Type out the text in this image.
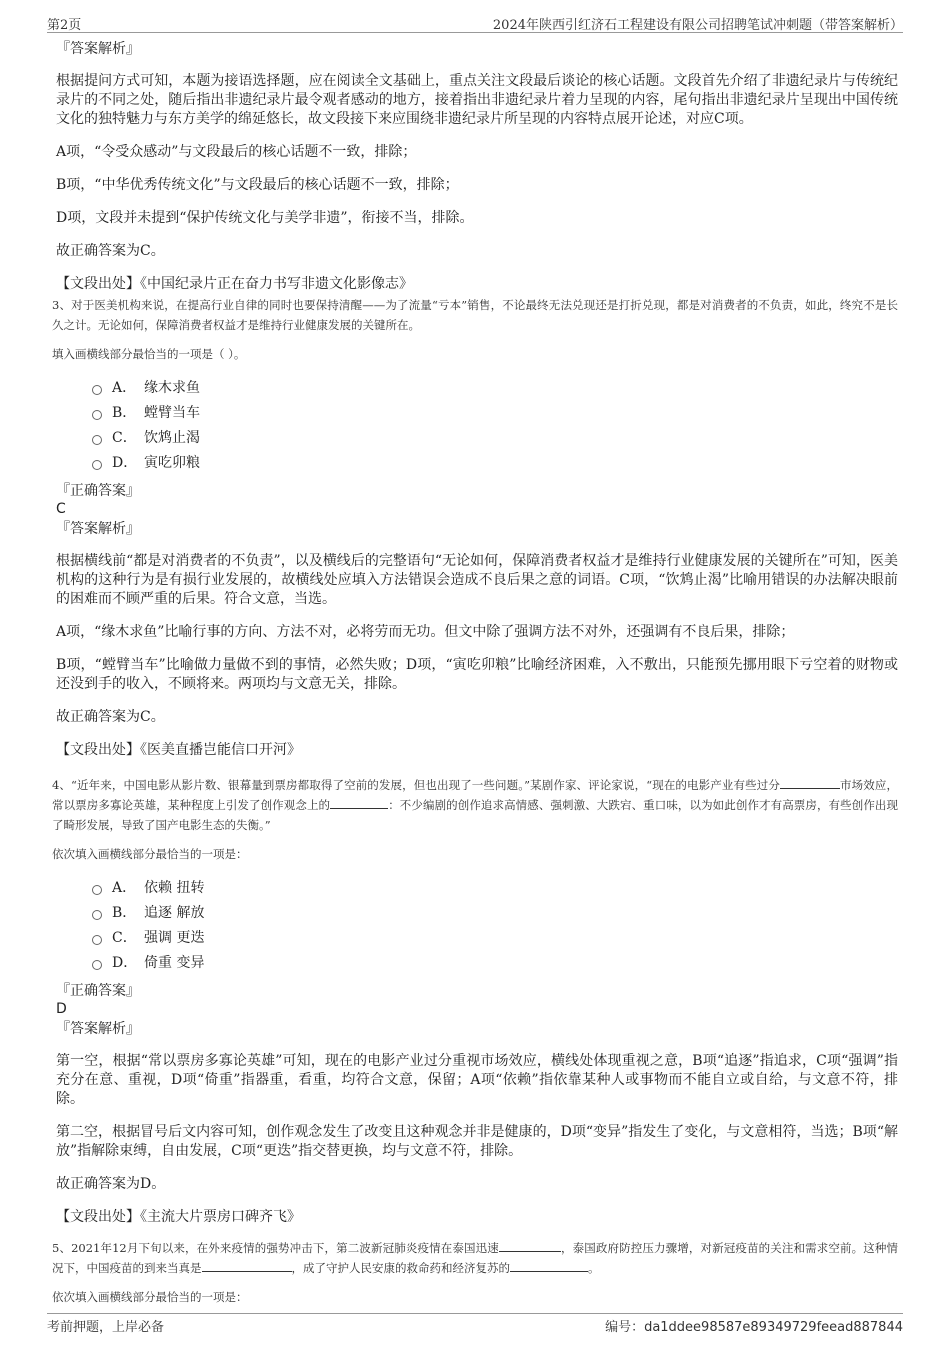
第2页	2024年陕西引红济石工程建设有限公司招聘笔试冲刺题（带答案解析）
『答案解析』
根据提问方式可知，本题为接语选择题，应在阅读全文基础上，重点关注文段最后谈论的核心话题。文段首先介绍了非遗纪录片与传统纪录片的不同之处，随后指出非遗纪录片最令观者感动的地方，接着指出非遗纪录片着力呈现的内容，尾句指出非遗纪录片呈现出中国传统文化的独特魅力与东方美学的绵延悠长，故文段接下来应围绕非遗纪录片所呈现的内容特点展开论述，对应C项。
A项，“令受众感动”与文段最后的核心话题不一致，排除；
B项，“中华优秀传统文化”与文段最后的核心话题不一致，排除；
D项，文段并未提到“保护传统文化与美学非遗”，衔接不当，排除。
故正确答案为C。
【文段出处】《中国纪录片正在奋力书写非遗文化影像志》
3、对于医美机构来说，在提高行业自律的同时也要保持清醒——为了流量“亏本”销售，不论最终无法兑现还是打折兑现，都是对消费者的不负责，如此，终究不是长久之计。无论如何，保障消费者权益才是维持行业健康发展的关键所在。
填入画横线部分最恰当的一项是（ ）。
A． 缘木求鱼
B． 螳臂当车
C． 饮鸩止渴
D． 寅吃卯粮
『正确答案』
C
『答案解析』
根据横线前“都是对消费者的不负责”，以及横线后的完整语句“无论如何，保障消费者权益才是维持行业健康发展的关键所在”可知，医美机构的这种行为是有损行业发展的，故横线处应填入方法错误会造成不良后果之意的词语。C项，“饮鸩止渴”比喻用错误的办法解决眼前的困难而不顾严重的后果。符合文意，当选。
A项，“缘木求鱼”比喻行事的方向、方法不对，必将劳而无功。但文中除了强调方法不对外，还强调有不良后果，排除；
B项，“螳臂当车”比喻做力量做不到的事情，必然失败；D项，“寅吃卯粮”比喻经济困难，入不敷出，只能预先挪用眼下亏空着的财物或还没到手的收入，不顾将来。两项均与文意无关，排除。
故正确答案为C。
【文段出处】《医美直播岂能信口开河》
4、“近年来，中国电影从影片数、银幕量到票房都取得了空前的发展，但也出现了一些问题。”某剧作家、评论家说，“现在的电影产业有些过分	市场效应，常以票房多寡论英雄，某种程度上引发了创作观念上的	：不少编剧的创作追求高情感、强刺激、大跌宕、重口味，以为如此创作才有高票房，有些创作出现了畸形发展，导致了国产电影生态的失衡。”
依次填入画横线部分最恰当的一项是：
A． 依赖 扭转
B． 追逐 解放
C． 强调 更迭
D． 倚重 变异
『正确答案』
D
『答案解析』
第一空，根据“常以票房多寡论英雄”可知，现在的电影产业过分重视市场效应，横线处体现重视之意，B项“追逐”指追求，C项“强调”指充分在意、重视，D项“倚重”指器重，看重，均符合文意，保留；A项“依赖”指依靠某种人或事物而不能自立或自给，与文意不符，排除。
第二空，根据冒号后文内容可知，创作观念发生了改变且这种观念并非是健康的，D项“变异”指发生了变化，与文意相符，当选；B项“解放”指解除束缚，自由发展，C项“更迭”指交替更换，均与文意不符，排除。
故正确答案为D。
【文段出处】《主流大片票房口碑齐飞》
5、2021年12月下旬以来，在外来疫情的强势冲击下，第二波新冠肺炎疫情在泰国迅速	，泰国政府防控压力骤增，对新冠疫苗的关注和需求空前。这种情况下，中国疫苗的到来当真是	，成了守护人民安康的救命药和经济复苏的	。
依次填入画横线部分最恰当的一项是：
考前押题，上岸必备	编号：da1ddee98587e89349729feead887844
